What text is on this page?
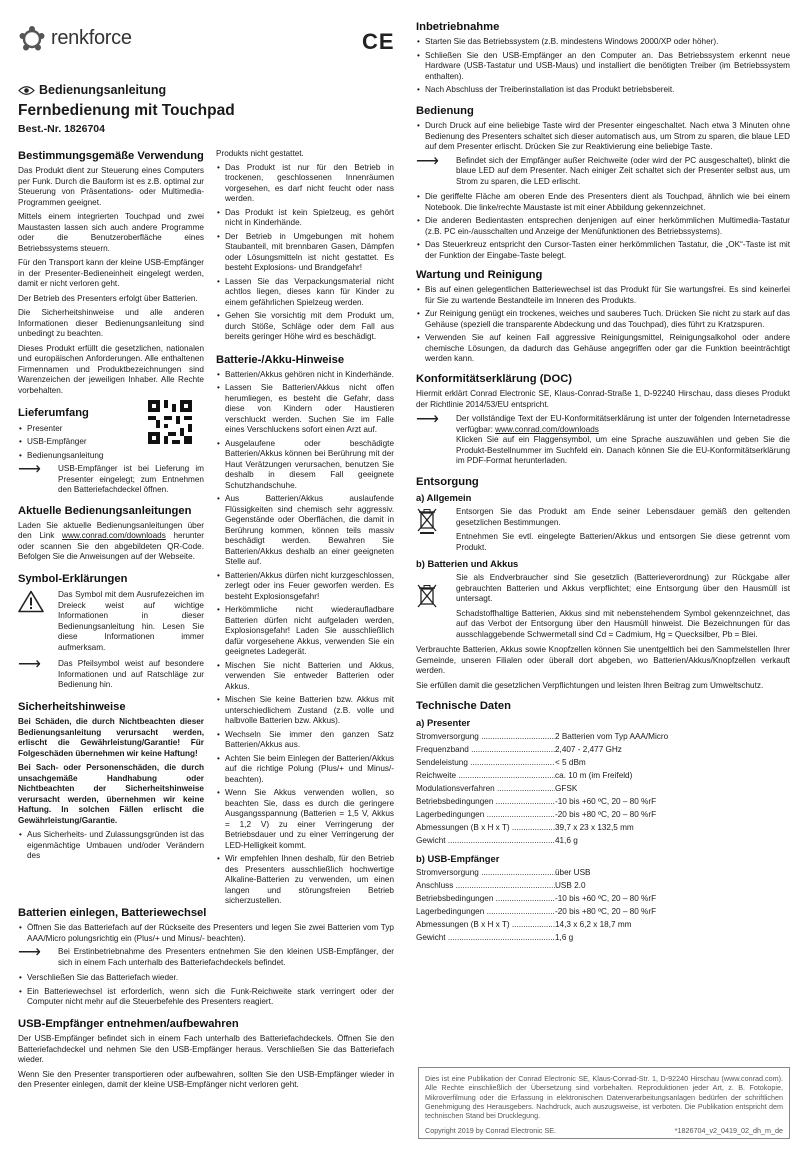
renkforce	CE
Bedienungsanleitung
Fernbedienung mit Touchpad
Best.-Nr. 1826704
Bestimmungsgemäße Verwendung

Das Produkt dient zur Steuerung eines Computers per Funk. Durch die Bauform ist es z.B. optimal zur Steuerung von Präsentations- oder Multimedia-Programmen geeignet.

Mittels einem integrierten Touchpad und zwei Maustasten lassen sich auch andere Programme oder die Benutzeroberfläche eines Betriebssystems steuern.

Für den Transport kann der kleine USB-Empfänger in der Presenter-Bedieneinheit eingelegt werden, damit er nicht verloren geht.

Der Betrieb des Presenters erfolgt über Batterien.

Die Sicherheitshinweise und alle anderen Informationen dieser Bedienungsanleitung sind unbedingt zu beachten.

Dieses Produkt erfüllt die gesetzlichen, nationalen und europäischen Anforderungen. Alle enthaltenen Firmennamen und Produktbezeichnungen sind Warenzeichen der jeweiligen Inhaber. Alle Rechte vorbehalten.

Lieferumfang
• Presenter
• USB-Empfänger
• Bedienungsanleitung
⟶	USB-Empfänger ist bei Lieferung im Presenter eingelegt; zum Entnehmen den Batteriefachdeckel öffnen.
Aktuelle Bedienungsanleitungen

Laden Sie aktuelle Bedienungsanleitungen über den Link www.conrad.com/downloads herunter oder scannen Sie den abgebildeten QR-Code. Befolgen Sie die Anweisungen auf der Webseite.

Symbol-Erklärungen
Das Symbol mit dem Ausrufezeichen im Dreieck weist auf wichtige Informationen in dieser Bedienungsanleitung hin. Lesen Sie diese Informationen immer aufmerksam.
⟶	Das Pfeilsymbol weist auf besondere Informationen und auf Ratschläge zur Bedienung hin.
Sicherheitshinweise

Bei Schäden, die durch Nichtbeachten dieser Bedienungsanleitung verursacht werden, erlischt die Gewährleistung/Garantie! Für Folgeschäden übernehmen wir keine Haftung!

Bei Sach- oder Personenschäden, die durch unsachgemäße Handhabung oder Nichtbeachten der Sicherheitshinweise verursacht werden, übernehmen wir keine Haftung. In solchen Fällen erlischt die Gewährleistung/Garantie.

• Aus Sicherheits- und Zulassungsgründen ist das eigenmächtige Umbauen und/oder Verändern des

Produkts nicht gestattet.

• Das Produkt ist nur für den Betrieb in trockenen, geschlossenen Innenräumen vorgesehen, es darf nicht feucht oder nass werden.
• Das Produkt ist kein Spielzeug, es gehört nicht in Kinderhände.
• Der Betrieb in Umgebungen mit hohem Staubanteil, mit brennbaren Gasen, Dämpfen oder Lösungsmitteln ist nicht gestattet. Es besteht Explosions- und Brandgefahr!
• Lassen Sie das Verpackungsmaterial nicht achtlos liegen, dieses kann für Kinder zu einem gefährlichen Spielzeug werden.
• Gehen Sie vorsichtig mit dem Produkt um, durch Stöße, Schläge oder dem Fall aus bereits geringer Höhe wird es beschädigt.
Batterie-/Akku-Hinweise
• Batterien/Akkus gehören nicht in Kinderhände.
• Lassen Sie Batterien/Akkus nicht offen herumliegen, es besteht die Gefahr, dass diese von Kindern oder Haustieren verschluckt werden. Suchen Sie im Falle eines Verschluckens sofort einen Arzt auf.
• Ausgelaufene oder beschädigte Batterien/Akkus können bei Berührung mit der Haut Verätzungen verursachen, benutzen Sie deshalb in diesem Fall geeignete Schutzhandschuhe.
• Aus Batterien/Akkus auslaufende Flüssigkeiten sind chemisch sehr aggressiv. Gegenstände oder Oberflächen, die damit in Berührung kommen, können teils massiv beschädigt werden. Bewahren Sie Batterien/Akkus deshalb an einer geeigneten Stelle auf.
• Batterien/Akkus dürfen nicht kurzgeschlossen, zerlegt oder ins Feuer geworfen werden. Es besteht Explosionsgefahr!
• Herkömmliche nicht wiederaufladbare Batterien dürfen nicht aufgeladen werden, Explosionsgefahr! Laden Sie ausschließlich dafür vorgesehene Akkus, verwenden Sie ein geeignetes Ladegerät.
• Mischen Sie nicht Batterien und Akkus, verwenden Sie entweder Batterien oder Akkus.
• Mischen Sie keine Batterien bzw. Akkus mit unterschiedlichem Zustand (z.B. volle und halbvolle Batterien bzw. Akkus).
• Wechseln Sie immer den ganzen Satz Batterien/Akkus aus.
• Achten Sie beim Einlegen der Batterien/Akkus auf die richtige Polung (Plus/+ und Minus/- beachten).
• Wenn Sie Akkus verwenden wollen, so beachten Sie, dass es durch die geringere Ausgangsspannung (Batterien = 1,5 V, Akkus = 1,2 V) zu einer Verringerung der Betriebsdauer und zu einer Verringerung der LED-Helligkeit kommt.
• Wir empfehlen Ihnen deshalb, für den Betrieb des Presenters ausschließlich hochwertige Alkaline-Batterien zu verwenden, um einen langen und störungsfreien Betrieb sicherzustellen.
Batterien einlegen, Batteriewechsel
• Öffnen Sie das Batteriefach auf der Rückseite des Presenters und legen Sie zwei Batterien vom Typ AAA/Micro polungsrichtig ein (Plus/+ und Minus/- beachten).
⟶	Bei Erstinbetriebnahme des Presenters entnehmen Sie den kleinen USB-Empfänger, der sich in einem Fach unterhalb des Batteriefachdeckels befindet.
• Verschließen Sie das Batteriefach wieder.
• Ein Batteriewechsel ist erforderlich, wenn sich die Funk-Reichweite stark verringert oder der Computer nicht mehr auf die Steuerbefehle des Presenters reagiert.
USB-Empfänger entnehmen/aufbewahren

Der USB-Empfänger befindet sich in einem Fach unterhalb des Batteriefachdeckels. Öffnen Sie den Batteriefachdeckel und nehmen Sie den USB-Empfänger heraus. Verschließen Sie das Batteriefach wieder.

Wenn Sie den Presenter transportieren oder aufbewahren, sollten Sie den USB-Empfänger wieder in den Presenter einlegen, damit der kleine USB-Empfänger nicht verloren geht.

Inbetriebnahme
• Starten Sie das Betriebssystem (z.B. mindestens Windows 2000/XP oder höher).
• Schließen Sie den USB-Empfänger an den Computer an. Das Betriebssystem erkennt neue Hardware (USB-Tastatur und USB-Maus) und installiert die benötigten Treiber (im Betriebssystem enthalten).
• Nach Abschluss der Treiberinstallation ist das Produkt betriebsbereit.
Bedienung
• Durch Druck auf eine beliebige Taste wird der Presenter eingeschaltet. Nach etwa 3 Minuten ohne Bedienung des Presenters schaltet sich dieser automatisch aus, um Strom zu sparen, die blaue LED auf dem Presenter erlischt. Drücken Sie zur Reaktivierung eine beliebige Taste.
⟶	Befindet sich der Empfänger außer Reichweite (oder wird der PC ausgeschaltet), blinkt die blaue LED auf dem Presenter. Nach einiger Zeit schaltet sich der Presenter selbst aus, um Strom zu sparen, die LED erlischt.
• Die geriffelte Fläche am oberen Ende des Presenters dient als Touchpad, ähnlich wie bei einem Notebook. Die linke/rechte Maustaste ist mit einer Abbildung gekennzeichnet.
• Die anderen Bedientasten entsprechen denjenigen auf einer herkömmlichen Multimedia-Tastatur (z.B. PC ein-/ausschalten und Anzeige der Menüfunktionen des Betriebssystems).
• Das Steuerkreuz entspricht den Cursor-Tasten einer herkömmlichen Tastatur, die „OK“-Taste ist mit der Funktion der Eingabe-Taste belegt.
Wartung und Reinigung
• Bis auf einen gelegentlichen Batteriewechsel ist das Produkt für Sie wartungsfrei. Es sind keinerlei für Sie zu wartende Bestandteile im Inneren des Produkts.
• Zur Reinigung genügt ein trockenes, weiches und sauberes Tuch. Drücken Sie nicht zu stark auf das Gehäuse (speziell die transparente Abdeckung und das Touchpad), dies führt zu Kratzspuren.
• Verwenden Sie auf keinen Fall aggressive Reinigungsmittel, Reinigungsalkohol oder andere chemische Lösungen, da dadurch das Gehäuse angegriffen oder gar die Funktion beeinträchtigt werden kann.
Konformitätserklärung (DOC)

Hiermit erklärt Conrad Electronic SE, Klaus-Conrad-Straße 1, D-92240 Hirschau, dass dieses Produkt der Richtlinie 2014/53/EU entspricht.

⟶	Der vollständige Text der EU-Konformitätserklärung ist unter der folgenden Internetadresse verfügbar: www.conrad.com/downloads
Klicken Sie auf ein Flaggensymbol, um eine Sprache auszuwählen und geben Sie die Produkt-Bestellnummer im Suchfeld ein. Danach können Sie die EU-Konformitätserklärung im PDF-Format herunterladen.
Entsorgung
a) Allgemein
Entsorgen Sie das Produkt am Ende seiner Lebensdauer gemäß den geltenden gesetzlichen Bestimmungen.
Entnehmen Sie evtl. eingelegte Batterien/Akkus und entsorgen Sie diese getrennt vom Produkt.
b) Batterien und Akkus
Sie als Endverbraucher sind Sie gesetzlich (Batterieverordnung) zur Rückgabe aller gebrauchten Batterien und Akkus verpflichtet; eine Entsorgung über den Hausmüll ist untersagt.
Schadstoffhaltige Batterien, Akkus sind mit nebenstehendem Symbol gekennzeichnet, das auf das Verbot der Entsorgung über den Hausmüll hinweist. Die Bezeichnungen für das ausschlaggebende Schwermetall sind Cd = Cadmium, Hg = Quecksilber, Pb = Blei.

Verbrauchte Batterien, Akkus sowie Knopfzellen können Sie unentgeltlich bei den Sammelstellen Ihrer Gemeinde, unseren Filialen oder überall dort abgeben, wo Batterien/Akkus/Knopfzellen verkauft werden.

Sie erfüllen damit die gesetzlichen Verpflichtungen und leisten Ihren Beitrag zum Umweltschutz.

Technische Daten
a) Presenter
Stromversorgung .....	2 Batterien vom Typ AAA/Micro
Frequenzband .....	2,407 - 2,477 GHz
Sendeleistung .....	< 5 dBm
Reichweite .....	ca. 10 m (im Freifeld)
Modulationsverfahren .....	GFSK
Betriebsbedingungen .....	-10 bis +60 ºC, 20 – 80 %rF
Lagerbedingungen .....	-20 bis +80 ºC, 20 – 80 %rF
Abmessungen (B x H x T) .....	39,7 x 23 x 132,5 mm
Gewicht .....	41,6 g
b) USB-Empfänger
Stromversorgung .....	über USB
Anschluss .....	USB 2.0
Betriebsbedingungen .....	-10 bis +60 ºC, 20 – 80 %rF
Lagerbedingungen .....	-20 bis +80 ºC, 20 – 80 %rF
Abmessungen (B x H x T) .....	14,3 x 6,2 x 18,7 mm
Gewicht .....	1,6 g
Dies ist eine Publikation der Conrad Electronic SE, Klaus-Conrad-Str. 1, D-92240 Hirschau (www.conrad.com). Alle Rechte einschließlich der Übersetzung sind vorbehalten. Reproduktionen jeder Art, z. B. Fotokopie, Mikroverfilmung oder die Erfassung in elektronischen Datenverarbeitungsanlagen bedürfen der schriftlichen Genehmigung des Herausgebers. Nachdruck, auch auszugsweise, ist verboten. Die Publikation entspricht dem technischen Stand bei Drucklegung.
Copyright 2019 by Conrad Electronic SE.	*1826704_v2_0419_02_dh_m_de
